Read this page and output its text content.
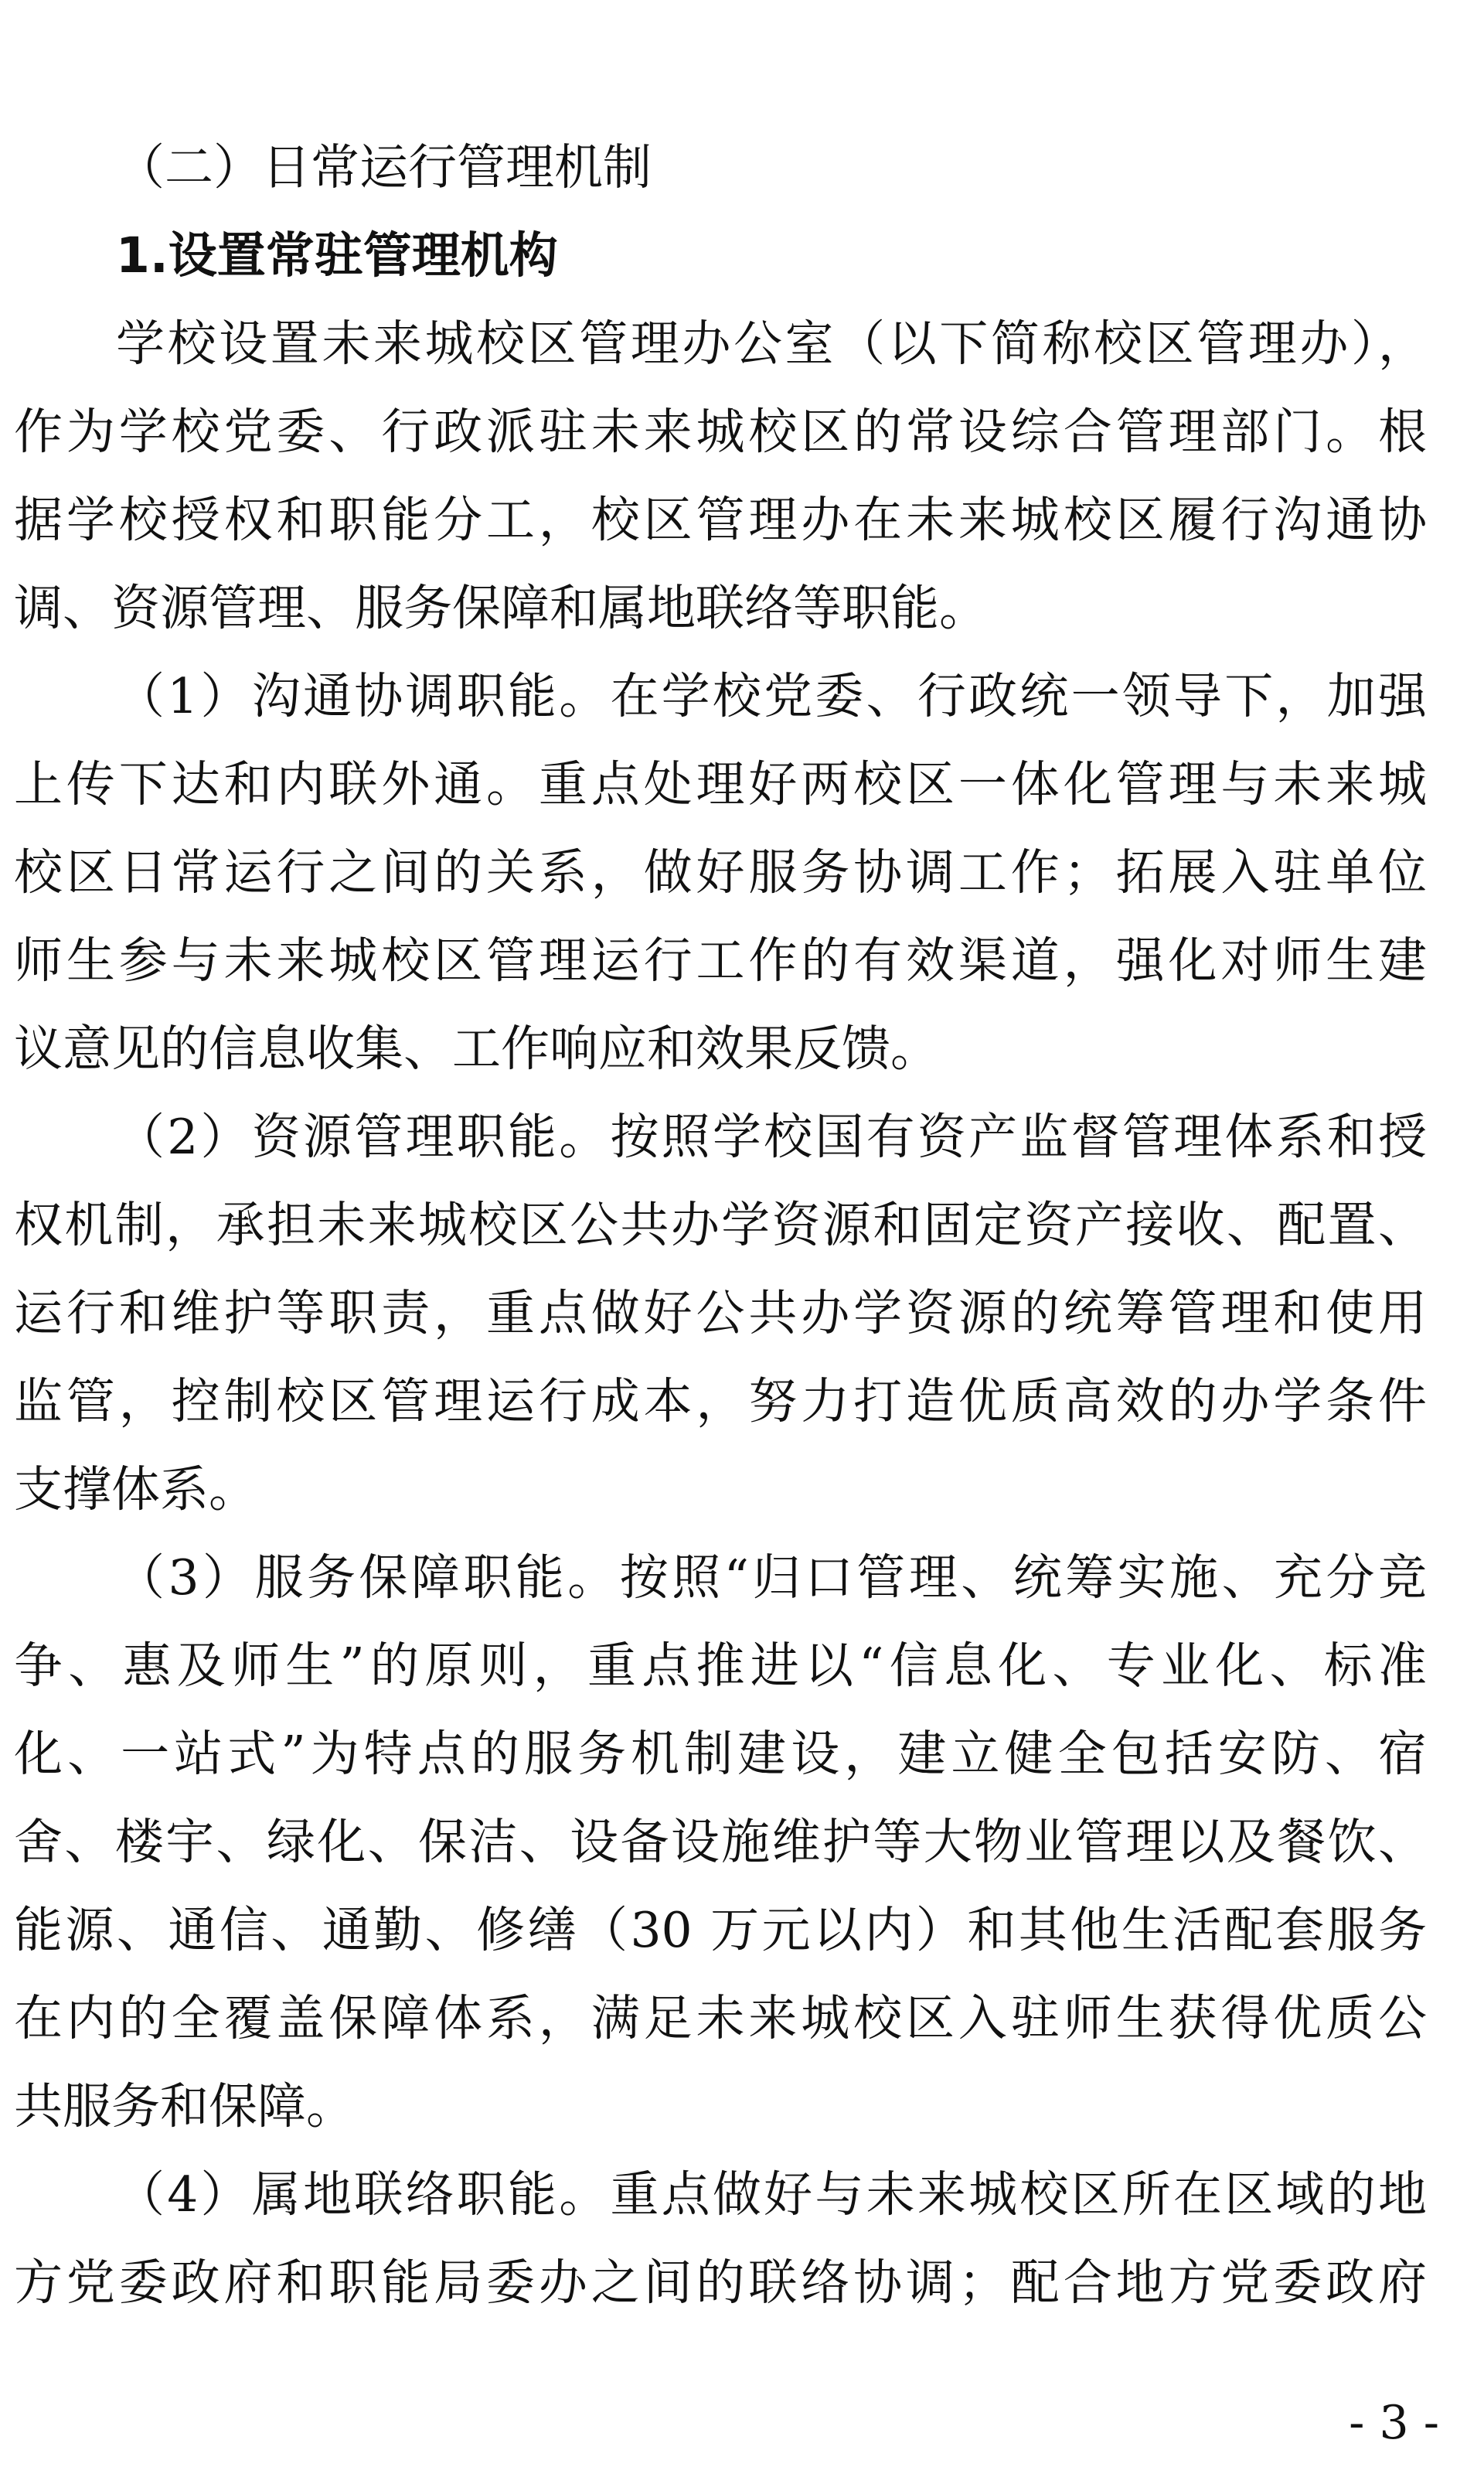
（二）日常运行管理机制
1.设置常驻管理机构
学校设置未来城校区管理办公室（以下简称校区管理办），
作为学校党委、行政派驻未来城校区的常设综合管理部门。根
据学校授权和职能分工，校区管理办在未来城校区履行沟通协
调、资源管理、服务保障和属地联络等职能。
（1）沟通协调职能。在学校党委、行政统一领导下，加强
上传下达和内联外通。重点处理好两校区一体化管理与未来城
校区日常运行之间的关系，做好服务协调工作；拓展入驻单位
师生参与未来城校区管理运行工作的有效渠道，强化对师生建
议意见的信息收集、工作响应和效果反馈。
（2）资源管理职能。按照学校国有资产监督管理体系和授
权机制，承担未来城校区公共办学资源和固定资产接收、配置、
运行和维护等职责，重点做好公共办学资源的统筹管理和使用
监管，控制校区管理运行成本，努力打造优质高效的办学条件
支撑体系。
（3）服务保障职能。按照“归口管理、统筹实施、充分竞
争、惠及师生”的原则，重点推进以“信息化、专业化、标准
化、一站式”为特点的服务机制建设，建立健全包括安防、宿
舍、楼宇、绿化、保洁、设备设施维护等大物业管理以及餐饮、
能源、通信、通勤、修缮（30 万元以内）和其他生活配套服务
在内的全覆盖保障体系，满足未来城校区入驻师生获得优质公
共服务和保障。
（4）属地联络职能。重点做好与未来城校区所在区域的地
方党委政府和职能局委办之间的联络协调；配合地方党委政府
- 3 -
